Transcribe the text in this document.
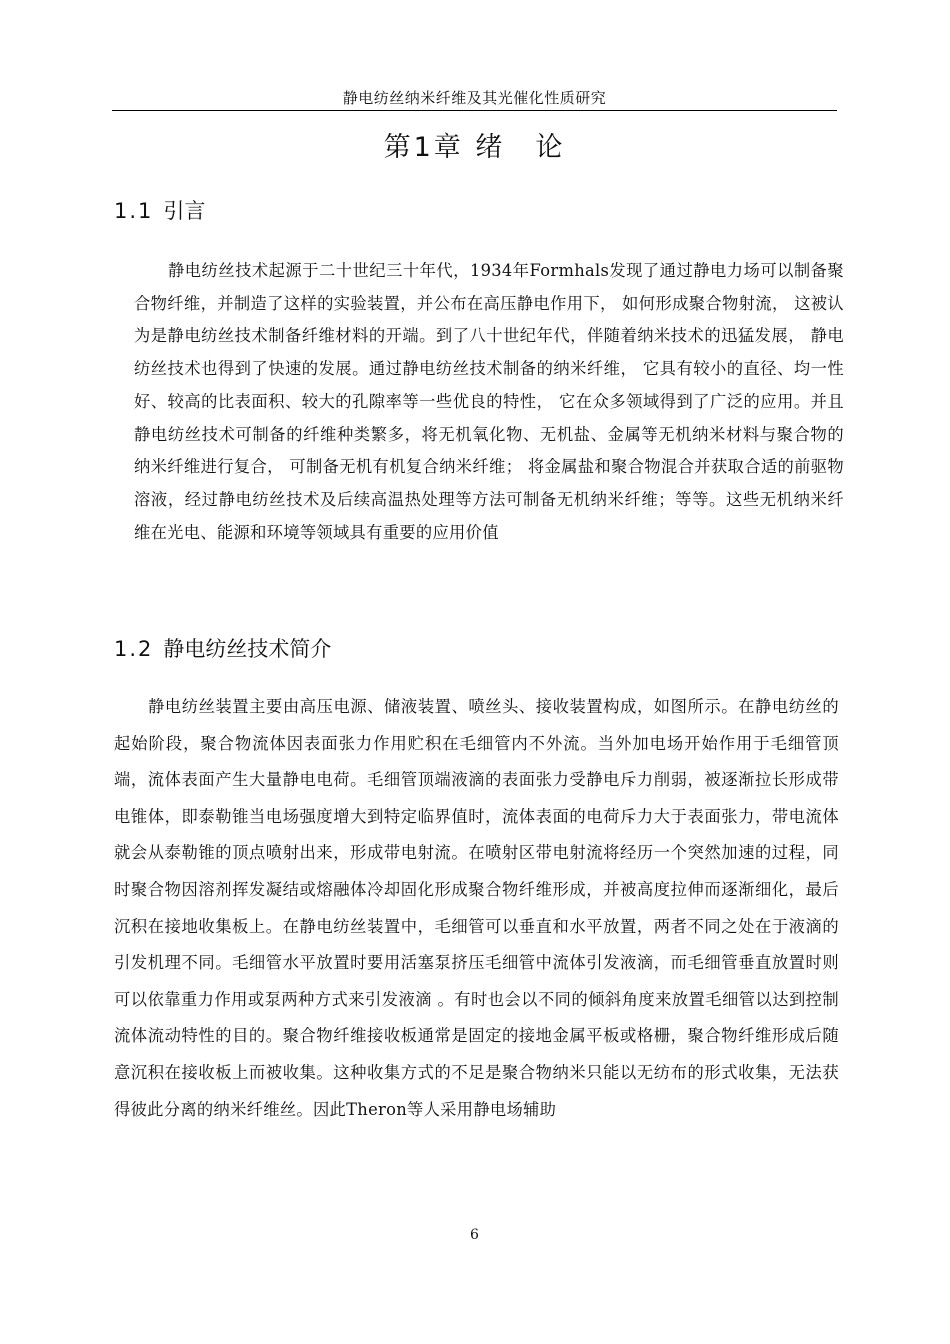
静电纺丝纳米纤维及其光催化性质研究
第1章 绪　论
1.1 引言

静电纺丝技术起源于二十世纪三十年代，1934年Formhals发现了通过静电力场可以制备聚合物纤维，并制造了这样的实验装置，并公布在高压静电作用下， 如何形成聚合物射流， 这被认为是静电纺丝技术制备纤维材料的开端。到了八十世纪年代，伴随着纳米技术的迅猛发展， 静电纺丝技术也得到了快速的发展。通过静电纺丝技术制备的纳米纤维， 它具有较小的直径、均一性好、较高的比表面积、较大的孔隙率等一些优良的特性， 它在众多领域得到了广泛的应用。并且静电纺丝技术可制备的纤维种类繁多，将无机氧化物、无机盐、金属等无机纳米材料与聚合物的纳米纤维进行复合， 可制备无机有机复合纳米纤维； 将金属盐和聚合物混合并获取合适的前驱物溶液，经过静电纺丝技术及后续高温热处理等方法可制备无机纳米纤维；等等。这些无机纳米纤维在光电、能源和环境等领域具有重要的应用价值

1.2 静电纺丝技术简介

静电纺丝装置主要由高压电源、储液装置、喷丝头、接收装置构成，如图所示。在静电纺丝的起始阶段，聚合物流体因表面张力作用贮积在毛细管内不外流。当外加电场开始作用于毛细管顶端，流体表面产生大量静电电荷。毛细管顶端液滴的表面张力受静电斥力削弱，被逐渐拉长形成带电锥体，即泰勒锥当电场强度增大到特定临界值时，流体表面的电荷斥力大于表面张力，带电流体就会从泰勒锥的顶点喷射出来，形成带电射流。在喷射区带电射流将经历一个突然加速的过程，同时聚合物因溶剂挥发凝结或熔融体冷却固化形成聚合物纤维形成，并被高度拉伸而逐渐细化，最后沉积在接地收集板上。在静电纺丝装置中，毛细管可以垂直和水平放置，两者不同之处在于液滴的引发机理不同。毛细管水平放置时要用活塞泵挤压毛细管中流体引发液滴，而毛细管垂直放置时则可以依靠重力作用或泵两种方式来引发液滴 。有时也会以不同的倾斜角度来放置毛细管以达到控制流体流动特性的目的。聚合物纤维接收板通常是固定的接地金属平板或格栅，聚合物纤维形成后随意沉积在接收板上而被收集。这种收集方式的不足是聚合物纳米只能以无纺布的形式收集，无法获得彼此分离的纳米纤维丝。因此Theron等人采用静电场辅助

6
